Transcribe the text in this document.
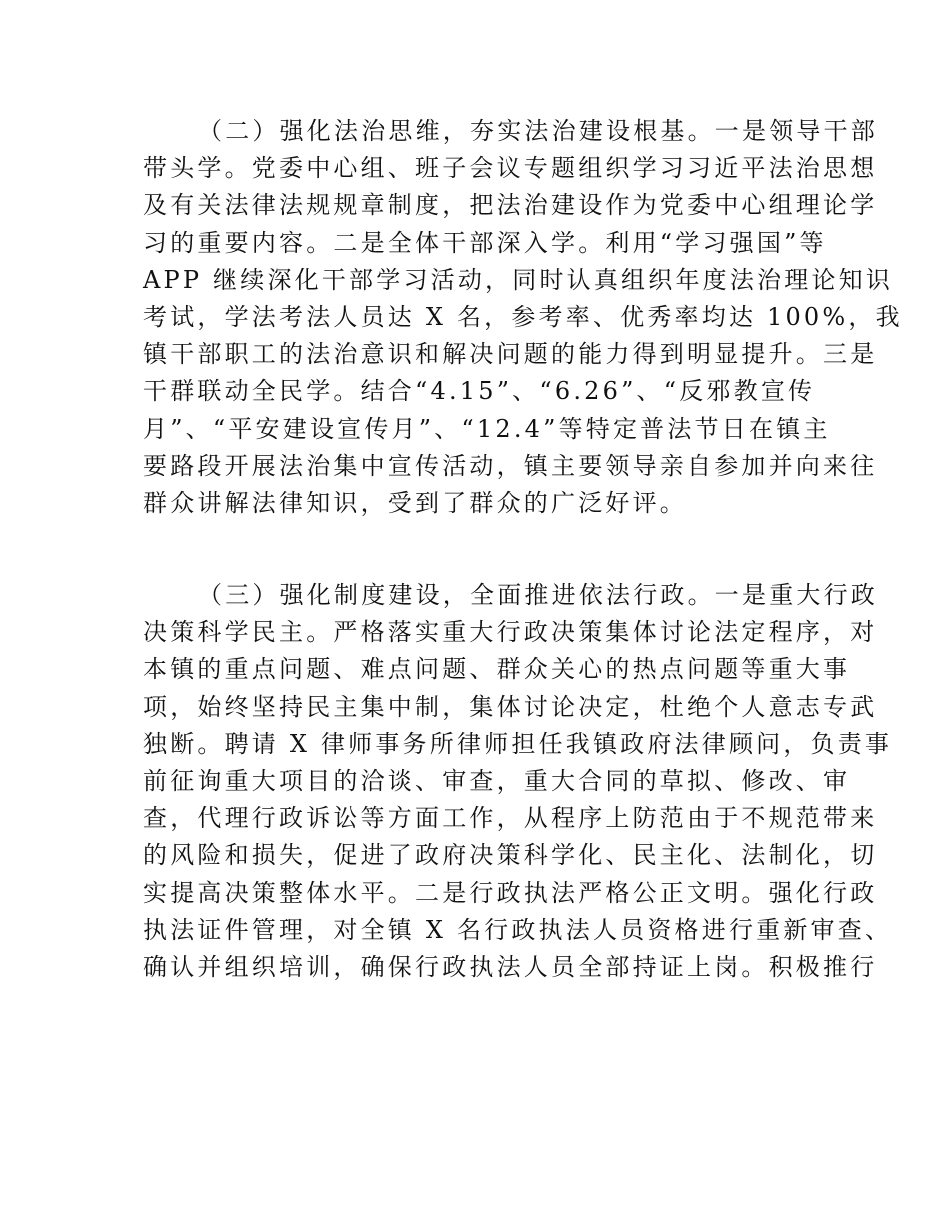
（二）强化法治思维，夯实法治建设根基。一是领导干部
带头学。党委中心组、班子会议专题组织学习习近平法治思想
及有关法律法规规章制度，把法治建设作为党委中心组理论学
习的重要内容。二是全体干部深入学。利用“学习强国”等
APP 继续深化干部学习活动，同时认真组织年度法治理论知识
考试，学法考法人员达 X 名，参考率、优秀率均达 100%，我
镇干部职工的法治意识和解决问题的能力得到明显提升。三是
干群联动全民学。结合“4.15”、“6.26”、“反邪教宣传
月”、“平安建设宣传月”、“12.4”等特定普法节日在镇主
要路段开展法治集中宣传活动，镇主要领导亲自参加并向来往
群众讲解法律知识，受到了群众的广泛好评。
（三）强化制度建设，全面推进依法行政。一是重大行政
决策科学民主。严格落实重大行政决策集体讨论法定程序，对
本镇的重点问题、难点问题、群众关心的热点问题等重大事
项，始终坚持民主集中制，集体讨论决定，杜绝个人意志专武
独断。聘请 X 律师事务所律师担任我镇政府法律顾问，负责事
前征询重大项目的洽谈、审查，重大合同的草拟、修改、审
查，代理行政诉讼等方面工作，从程序上防范由于不规范带来
的风险和损失，促进了政府决策科学化、民主化、法制化，切
实提高决策整体水平。二是行政执法严格公正文明。强化行政
执法证件管理，对全镇 X 名行政执法人员资格进行重新审查、
确认并组织培训，确保行政执法人员全部持证上岗。积极推行
